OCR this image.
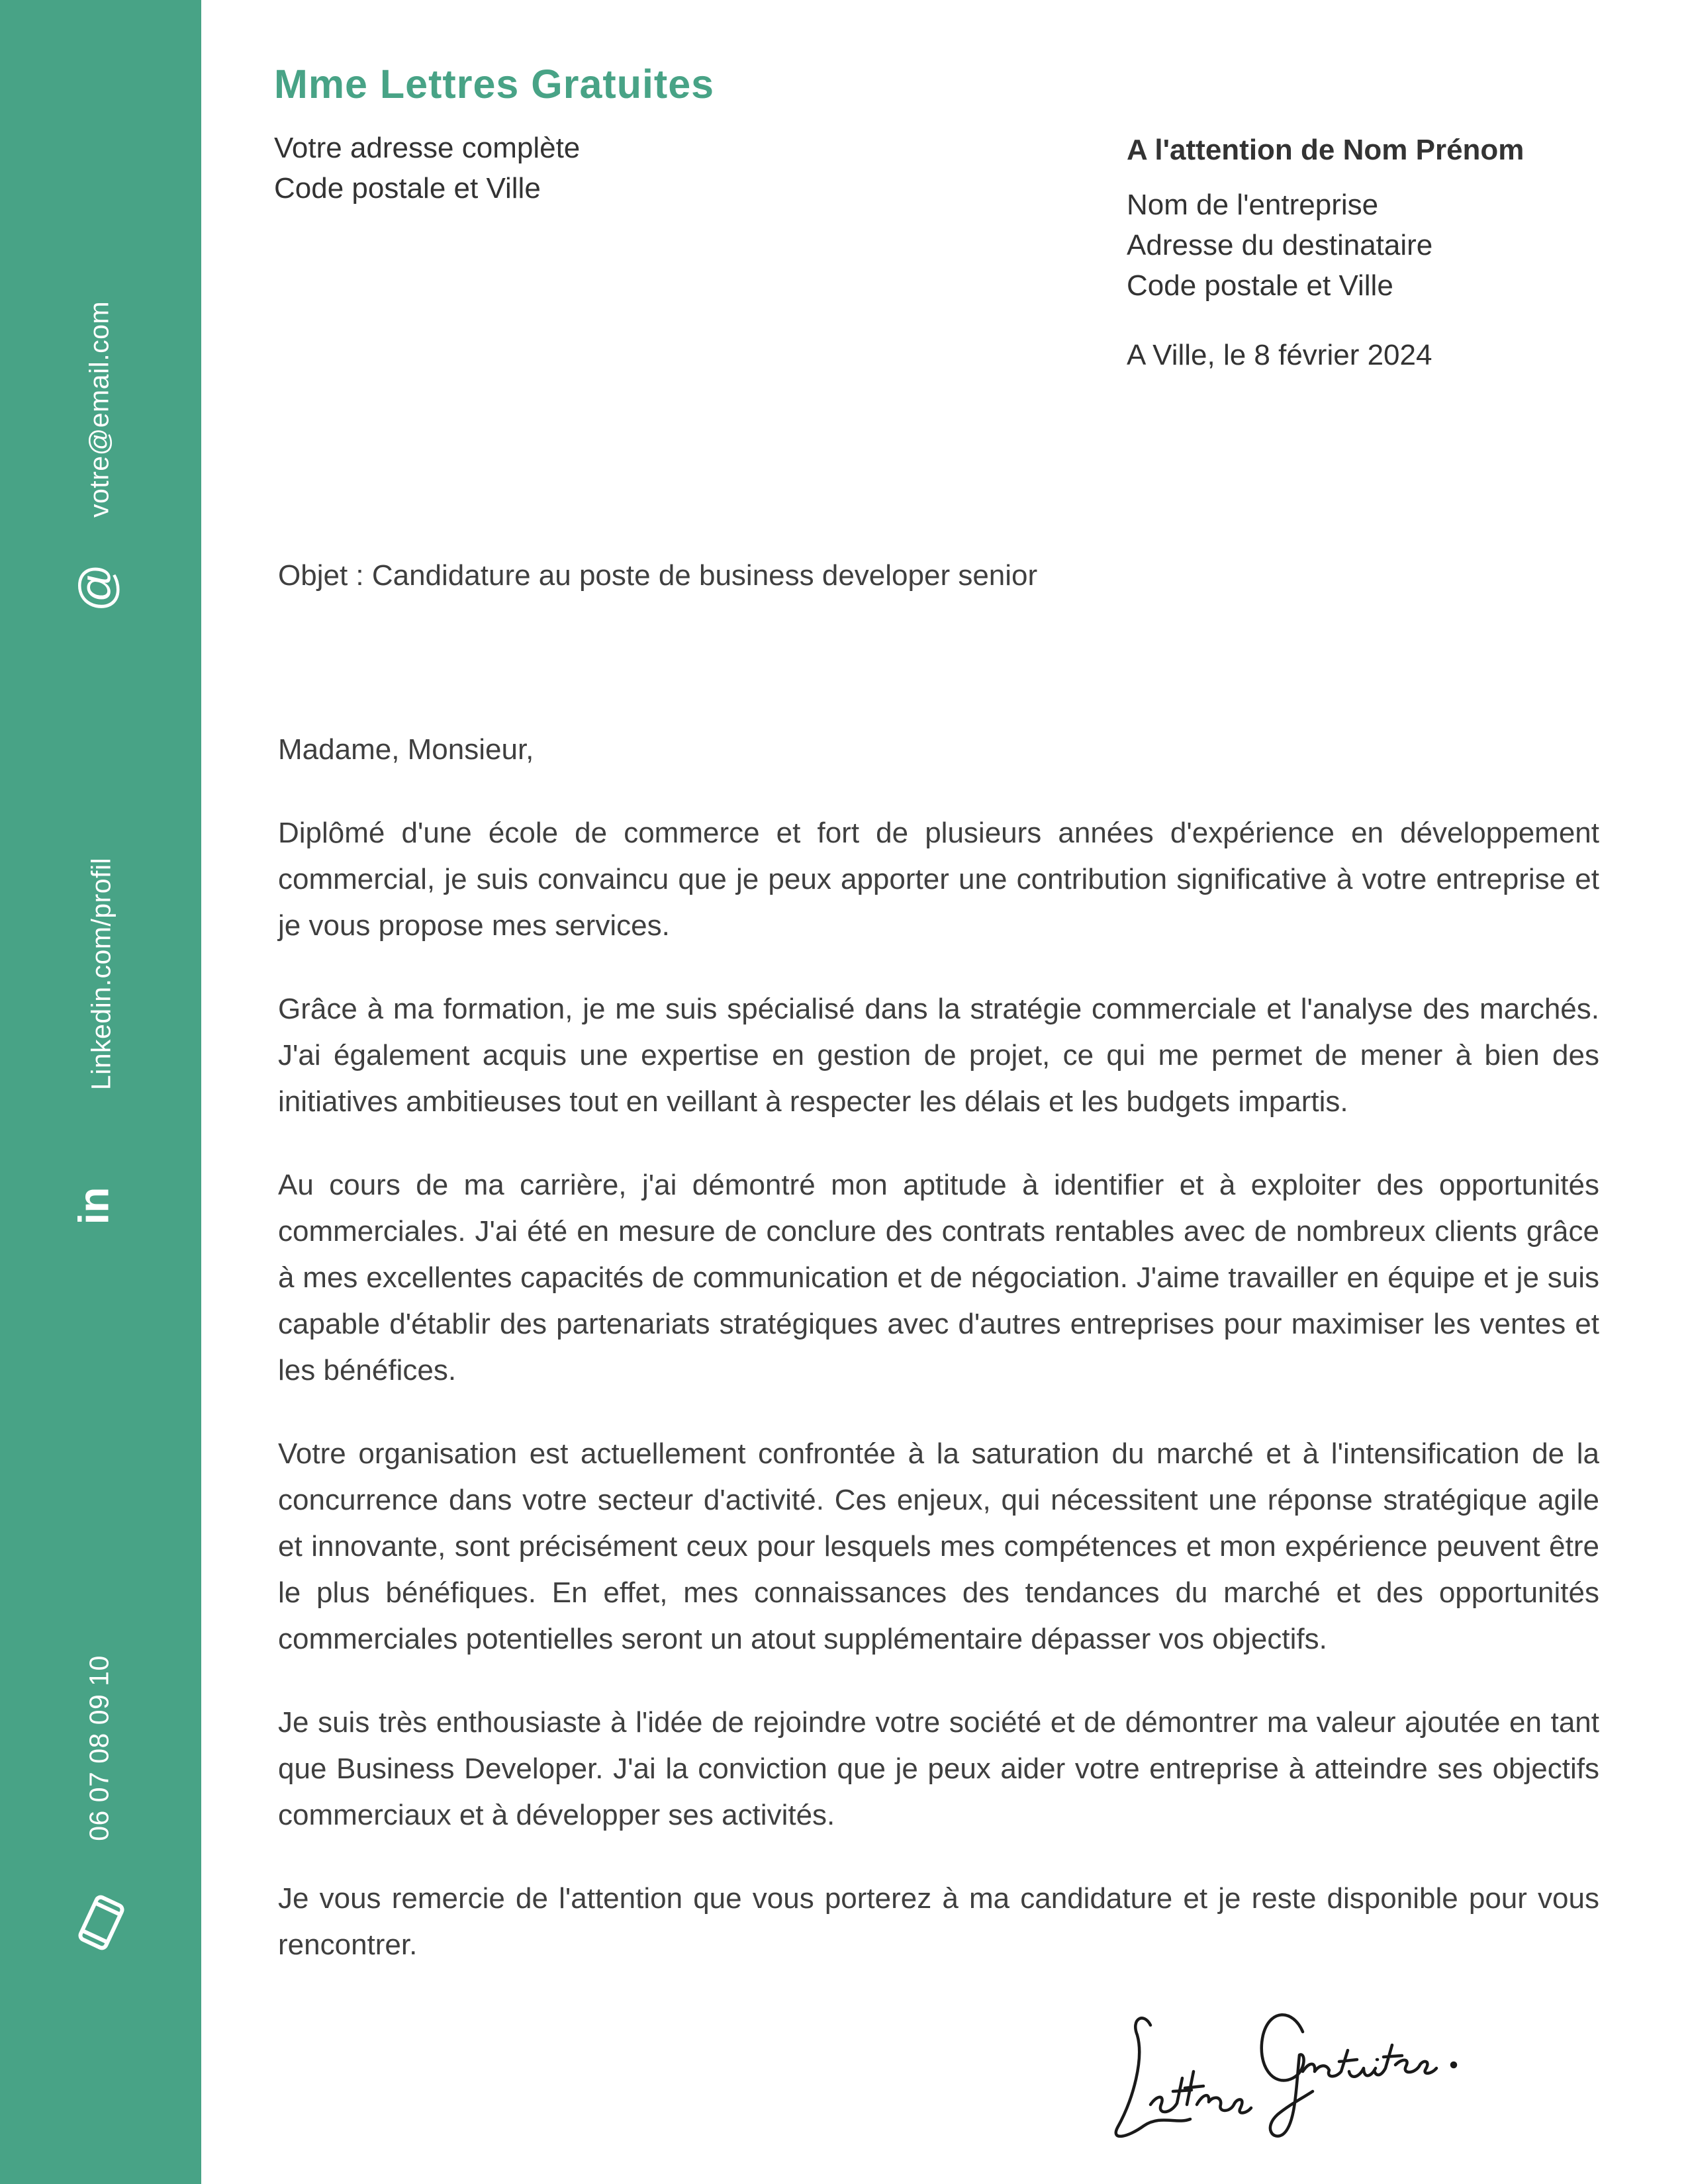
votre@email.com
@
Linkedin.com/profil
in
06 07 08 09 10
Mme Lettres Gratuites
Votre adresse complète
Code postale et Ville
A l'attention de Nom Prénom
Nom de l'entreprise
Adresse du destinataire
Code postale et Ville
A Ville, le 8 février 2024
Objet : Candidature au poste de business developer senior

Madame, Monsieur,

Diplômé d'une école de commerce et fort de plusieurs années d'expérience en développement commercial, je suis convaincu que je peux apporter une contribution significative à votre entreprise et je vous propose mes services.

Grâce à ma formation, je me suis spécialisé dans la stratégie commerciale et l'analyse des marchés. J'ai également acquis une expertise en gestion de projet, ce qui me permet de mener à bien des initiatives ambitieuses tout en veillant à respecter les délais et les budgets impartis.

Au cours de ma carrière, j'ai démontré mon aptitude à identifier et à exploiter des opportunités commerciales. J'ai été en mesure de conclure des contrats rentables avec de nombreux clients grâce à mes excellentes capacités de communication et de négociation. J'aime travailler en équipe et je suis capable d'établir des partenariats stratégiques avec d'autres entreprises pour maximiser les ventes et les bénéfices.

Votre organisation est actuellement confrontée à la saturation du marché et à l'intensification de la concurrence dans votre secteur d'activité. Ces enjeux, qui nécessitent une réponse stratégique agile et innovante, sont précisément ceux pour lesquels mes compétences et mon expérience peuvent être le plus bénéfiques. En effet, mes connaissances des tendances du marché et des opportunités commerciales potentielles seront un atout supplémentaire dépasser vos objectifs.

Je suis très enthousiaste à l'idée de rejoindre votre société et de démontrer ma valeur ajoutée en tant que Business Developer. J'ai la conviction que je peux aider votre entreprise à atteindre ses objectifs commerciaux et à développer ses activités.

Je vous remercie de l'attention que vous porterez à ma candidature et je reste disponible pour vous rencontrer.
